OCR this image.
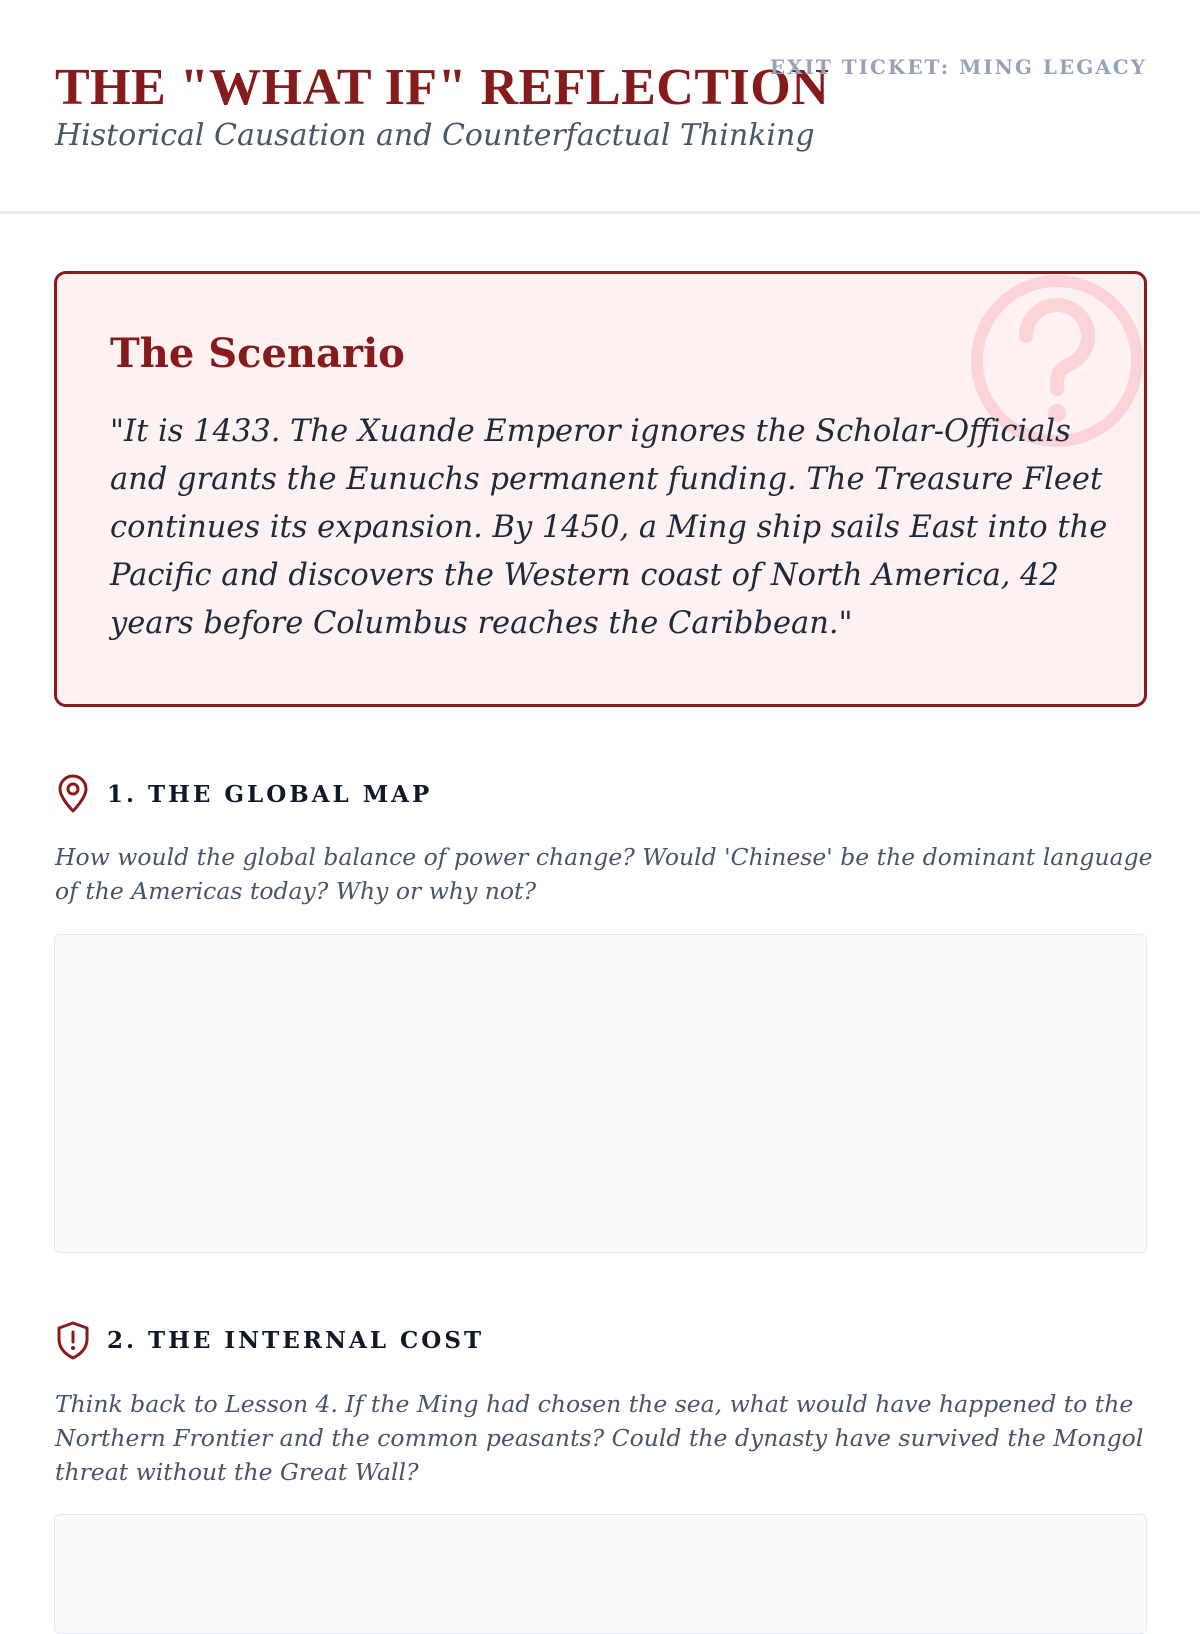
THE "WHAT IF" REFLECTION

Historical Causation and Counterfactual Thinking

EXIT TICKET: MING LEGACY
The Scenario

"It is 1433. The Xuande Emperor ignores the Scholar-Officials and grants the Eunuchs permanent funding. The Treasure Fleet continues its expansion. By 1450, a Ming ship sails East into the Pacific and discovers the Western coast of North America, 42 years before Columbus reaches the Caribbean."

1. THE GLOBAL MAP

How would the global balance of power change? Would 'Chinese' be the dominant language of the Americas today? Why or why not?

2. THE INTERNAL COST

Think back to Lesson 4. If the Ming had chosen the sea, what would have happened to the Northern Frontier and the common peasants? Could the dynasty have survived the Mongol threat without the Great Wall?
